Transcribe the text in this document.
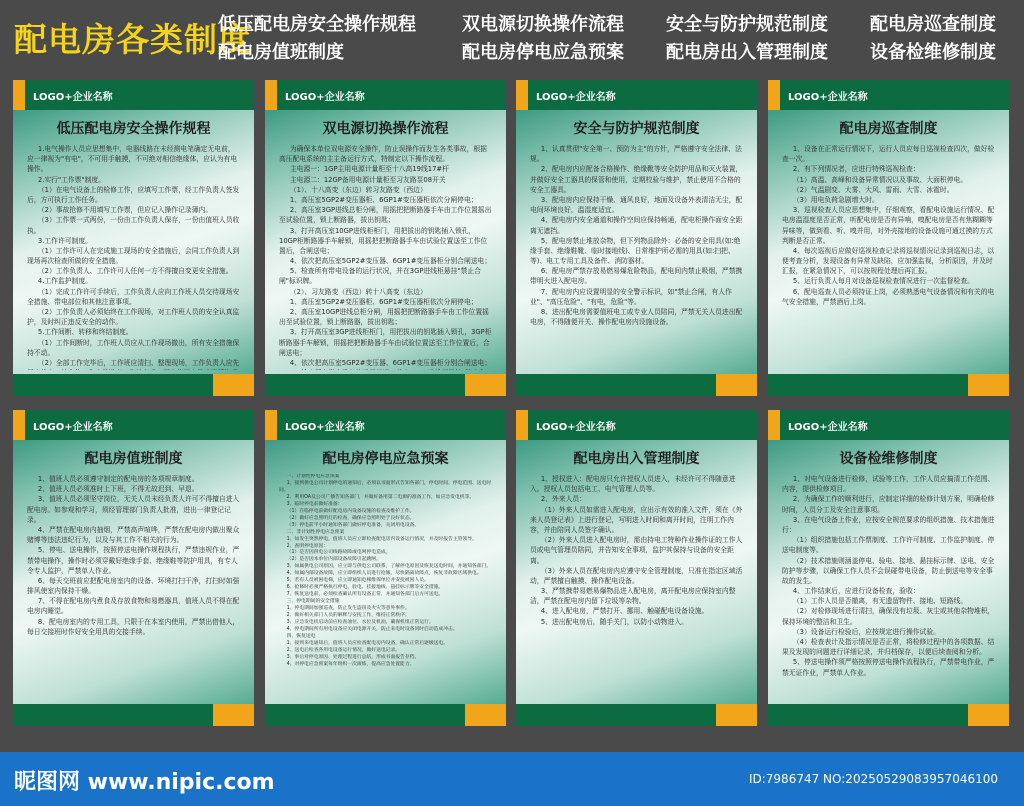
配电房各类制度
低压配电房安全操作规程	双电源切换操作流程 安全与防护规范制度 配电房巡查制度
配电房值班制度	配电房停电应急预案 配电房出入管理制度 设备检维修制度
LOGO+企业名称
低压配电房安全操作规程

1.电气操作人员应思想集中，电器线路在未经测电笔确定无电前，应一律视为"有电"，不可用手触摸，不可绝对相信绝缘体，应认为有电操作。

2.实行"工作票"制度。

（1）在电气设备上的检修工作，应填写工作票，经工作负责人签发后，方可执行工作任务。

（2）事故抢修不用填写工作票，但应记入操作记录簿内。

（3）工作票一式两份，一份由工作负责人保存，一份由值班人员收执。

3.工作许可制度。

（1）工作许可人在完成施工现场的安全措施后，会同工作负责人到现场再次检查所做的安全措施。

（2）工作负责人、工作许可人任何一方不得擅自变更安全措施。

4.工作监护制度。

（1）完成工作许可手续后，工作负责人应向工作班人员交待现场安全措施、带电部位和其他注意事项。

（2）工作负责人必须始终在工作现场，对工作班人员的安全认真监护，及时纠正违反安全的动作。

5.工作间断、转移和终结制度。

（1）工作间断时，工作班人员应从工作现场撤出，所有安全措施保持不动。

（2）全部工作完毕后，工作班应清扫、整理现场，工作负责人应先

LOGO+企业名称
双电源切换操作流程

为确保本单位双电源安全操作，防止误操作而发生各类事故，根据高压配电系统的主主备运行方式，特制定以下操作流程。

主电源一：1GP主用电源计量柜至十八高19线17#杆

主电源二：12GP备用电源计量柜至习友路泵08开关

（1）、十八高变（东边）转习友路变（西边）

1、高压室5GP2#变压器柜、6GP1#变压器柜依次分闸停电；

2、高压室3GP进线总柜分闸，用摇把把断路器手车由工作位置摇出至试验位置，锁上断路器，拔出钥匙；

3、打开高压室10GP进线柜柜门，用把拔出的钥匙插入锁孔，10GP柜断路器手车解锁，用摇把把断路器手车由试验位置送至工作位置后，合闸送电；

4、依次把高压室5GP2#变压器、6GP1#变压器柜分别合闸送电；

5、检查所有带电设备的运行状况，并在3GP进线柜悬挂"禁止合闸"标识牌。

（2）、习友路变（西边）转十八高变（东边）

1、高压室5GP2#变压器柜、6GP1#变压器柜依次分闸停电；

2、高压室10GP进线总柜分闸，用摇把把断路器手车由工作位置摇出至试验位置，锁上断路器，拔出钥匙；

3、打开高压室3GP进线柜柜门，用把拔出的钥匙插入锁孔，3GP柜断路器手车解锁，用摇把把断路器手车由试验位置送至工作位置后，合闸送电；

4、依次把高压室5GP2#变压器、6GP1#变压器柜分别合闸送电；

LOGO+企业名称
安全与防护规范制度

1、认真贯彻"安全第一、预防为主"的方针，严格遵守安全法律、法规。

2、配电房内应配备合格操作、绝缘靴等安全防护用品和灭火装置，并做好安全工器具的保管和使用，定期校验与维护，禁止使用不合格的安全工器具。

3、配电房内应保持干燥、通风良好，地面及设备外表清洁无尘，配电间环境良好，温湿度适宜。

4、配电房内安全通道和操作空间应保持畅通，配电柜操作面安全距离无遮挡。

5、配电房禁止堆放杂物，但下列物品除外：必备的安全用具(如:绝缘手套、绝缘鞋靴、临时接地线)、日常维护所必需的用具(如:扫把、等)、电工专用工具及备件、消防器材。

6、配电房严禁存放易燃易爆危险物品，配电间内禁止吸烟，严禁携带明火进入配电房。

7、配电房内应设置明显的安全警示标识，如"禁止合闸，有人作业"、"高压危险"、"有电，危险"等。

8、进出配电房需要值班电工或专业人员陪同，严禁无关人员进出配电房，不得随便开关、操作配电房内设施设备。

LOGO+企业名称
配电房巡查制度

1、设备在正常运行情况下，运行人员应每日巡视检查四次，做好检查一次。

2、有下列情况者，应进行特殊巡视检查：

（1）高温、高峰和设备异常情况以及事故、大面积停电。

（2）气温剧变、大雾、大风、雷雨、大雪、冰雹时。

（3）用电负荷急剧增大时。

3、巡视检查人员应思想集中，仔细观察，看配电设施运行情况、配电房温湿度是否正常，听配电房是否有异响，嗅配电房是否有焦糊糊等异味等，做到看、听、嗅并用，对外壳接地的设备设施可通过摸的方式判断是否正常。

4、每次巡视后应做好巡视检查记录将巡视情况记录到巡视日志，以便考查分析，发现设备有异常及缺陷，应加强监视，分析原因，并及时汇报，在紧急情况下，可以按规程处理后再汇报。

5、运行负责人每月对设备巡视检查情况进行一次监督检查。

6、配电巡查人员必须持证上岗，必须熟悉电气设备情况和有关的电气安全措施，严禁酒后上岗。

LOGO+企业名称
配电房值班制度

1、值班人员必须遵守制定的配电房的各项规章制度。

2、值班人员必须准时上下班，不得无故迟到、早退。

3、值班人员必须坚守岗位，无关人员未经负责人许可不得擅自进入配电房。如参观和学习，须经管理部门负责人批准，进出一律登记记录。

4、严禁在配电房内抽烟，严禁高声喧哗，严禁在配电房内做出聚众赌博等违法违纪行为，以及与其工作不相关的行为。

5、停电、送电操作，按照停送电操作规程执行，严禁违规作业，严禁带电操作，操作时必须穿戴好绝缘手套、绝缘鞋等防护用具，有专人令专人监护，严禁单人作业。

6、每天交班前应把配电房室内的设备、环境打扫干净，打扫时如强排风使室内保持干燥。

7、不得在配电房内煮食及存放食物和易燃器具，值班人员不得在配电房内睡觉。

8、配电房室内的专用工具，只限于在本室内使用，严禁出借他人，每日交接班时作好安全用具的交接手续。

LOGO+企业名称
配电房停电应急预案

一、计划性停电应急预案

1、接到供电公司计划停电的通知后，必须以书面形式告知各部门，停电时间、停电范围、送电时间。

2、利用OA及公司广播告知各部门，并做好备用第二电源的准备工作，如应急发电机等。

3、临时停电前做好准备：

（1）在临停电前做好配电房内设备设施的检查及维护工作。

（2）做好应急照明灯的检查，确保应急照明处于良好状态。

（3）停电前半小时通知各部门做好停电准备，关闭用电设备。

二、非计划性停电应急预案

1、如发生突然停电，值班人员应立即检查配电房内设备运行情况，并及时报告主管领导。

2、查明停电原因：

（1）是否因供电公司线路故障或电网停电造成。

（2）是否因本单位内部设备故障引起跳闸。

3、如属供电公司原因，应立即与供电公司联系，了解停电原因及恢复送电时间，并通知各部门。

4、如属内部设备故障，应立即组织人员进行抢修，尽快隔离故障点，恢复非故障区域供电。

5、若有人员被困电梯，应立即通知电梯维保单位并安抚被困人员。

6、抢修时必须严格执行停电、验电、挂接地线、悬挂标示牌等安全措施。

7、恢复送电前，必须检查确认所有设备正常，并通知各部门后方可送电。

三、停电期间的安全措施

1、停电期间加强巡查，防止发生盗窃及火灾等意外事件。

2、做好相关部门人员的解释与安抚工作，维持正常秩序。

3、应急发电机启动前应检查油位、水位及机油，确保机组正常运行。

4、停电期间所有用电设备应关闭电源开关，防止来电时设备同时启动造成冲击。

四、恢复送电

1、接到来电通知后，值班人员应检查配电房内设备，确认正常后逐级送电。

2、送电后检查各用电设备运行情况，做好送电记录。

3、事后对停电原因、处理过程进行总结，形成书面报告存档。

4、对停电应急预案每年组织一次演练，提高应急处置能力。

LOGO+企业名称
配电房出入管理制度

1、授权进入：配电房只允许授权人员进入，未经许可不得随意进入。授权人员包括电工、电气管理人员等。

2、外来人员：

（1）外来人员如需进入配电房，应出示有效的准入文件，须在《外来人员登记表》上进行登记，写明进入时间和离开时间，注明工作内容，并由陪同人员签字确认。

（2）外来人员进入配电房时，需由持电工特种作业操作证的工作人员或电气管理员陪同，并告知安全事项，监护其保持与设备的安全距离。

（3）外来人员在配电房内应遵守安全管理制度，只准在指定区域活动，严禁擅自触摸、操作配电设备。

3、严禁携带易燃易爆物品进入配电房，离开配电房应保持室内整洁，严禁在配电房内留下垃圾等杂物。

4、进入配电房，严禁打开、挪用、触碰配电设备设施。

5、进出配电房后，随手关门，以防小动物进入。

LOGO+企业名称
设备检维修制度

1、对电气设备进行检修，试验等工作，工作人员应搞清工作范围、内容，提供检修项目。

2、为确保工作的顺利进行，应制定详细的检修计划方案，明确检修时间，人员分工及安全注意事项。

3、在电气设备上作业，应按安全规范要求的组织措施、技术措施进行：

（1）组织措施包括工作票制度、工作许可制度、工作监护制度、停送电制度等。

（2）技术措施则涵盖停电、验电、接地、悬挂标示牌、送电、安全防护等步骤，以确保工作人员不会误碰带电设备，防止倒送电等安全事故的发生。

4、工作结束后，应进行设备检查，验收：

（1）工作人员是否撤离，有无遗留物件、接地、短路线。

（2）对检修现场进行清扫，确保没有垃圾、灰尘或其他杂物堆积，保持环境的整洁和卫生。

（3）设备运行检验后，应按规定进行操作试验。

（4）检查表计及指示情况是否正常，将检修过程中的各项数据、结果及发现的问题进行详细记录，并归档保存，以便后续查阅和分析。

5、停送电操作须严格按照停送电操作流程执行，严禁带电作业，严禁无证作业，严禁单人作业。

昵图网 www.nipic.com	ID:7986747 NO:20250529083957046100
